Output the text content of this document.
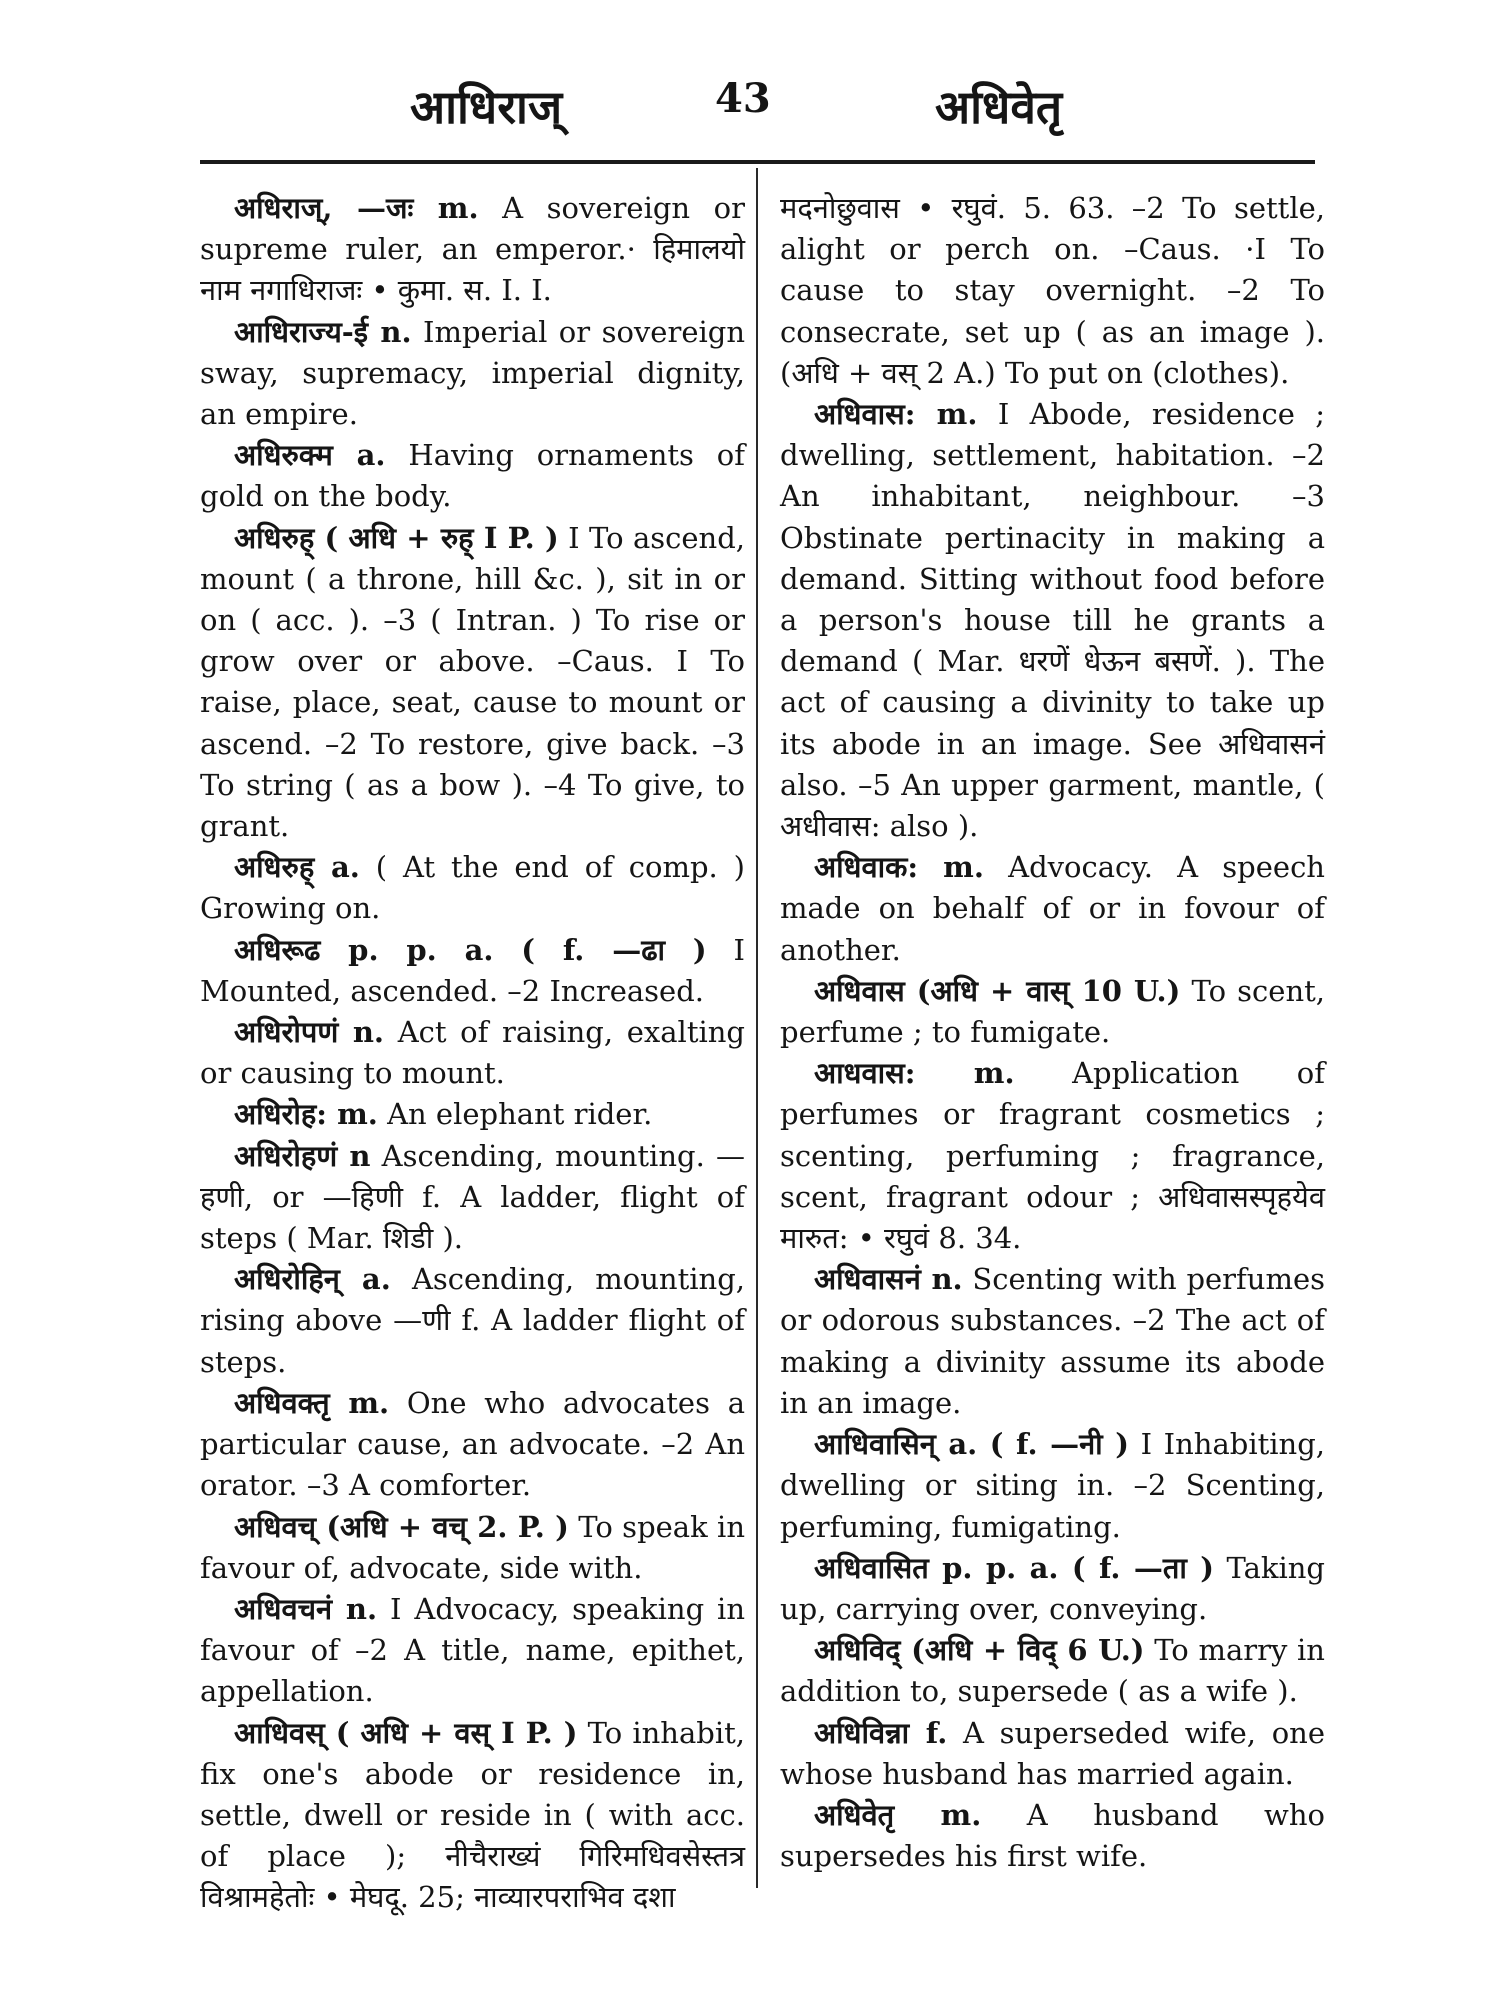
आधिराज्	43	अधिवेतृ

अधिराज्, —जः m. A sovereign or supreme ruler, an emperor.· हिमालयो नाम नगाधिराजः • कुमा. स. I. I.

आधिराज्य-ई n. Imperial or sovereign sway, supremacy, imperial dignity, an empire.

अधिरुक्म a. Having ornaments of gold on the body.

अधिरुह् ( अधि + रुह् I P. ) I To ascend, mount ( a throne, hill &c. ), sit in or on ( acc. ). –3 ( Intran. ) To rise or grow over or above. –Caus. I To raise, place, seat, cause to mount or ascend. –2 To restore, give back. –3 To string ( as a bow ). –4 To give, to grant.

अधिरुह् a. ( At the end of comp. ) Growing on.

अधिरूढ p. p. a. ( f. —ढा ) I Mounted, ascended. –2 Increased.

अधिरोपणं n. Act of raising, exalting or causing to mount.

अधिरोह: m. An elephant rider.

अधिरोहणं n Ascending, mounting. —हणी, or —हिणी f. A ladder, flight of steps ( Mar. शिडी ).

अधिरोहिन् a. Ascending, mounting, rising above —णी f. A ladder flight of steps.

अधिवक्तृ m. One who advocates a particular cause, an advocate. –2 An orator. –3 A comforter.

अधिवच् (अधि + वच् 2. P. ) To speak in favour of, advocate, side with.

अधिवचनं n. I Advocacy, speaking in favour of –2 A title, name, epithet, appellation.

आधिवस् ( अधि + वस् I P. ) To inhabit, fix one's abode or residence in, settle, dwell or reside in ( with acc. of place ); नीचैराख्यं गिरिमधिवसेस्तत्र विश्रामहेतोः • मेघदू. 25; नाव्यारपराभिव दशा

मदनोछुवास • रघुवं. 5. 63. –2 To settle, alight or perch on. –Caus. ·I To cause to stay overnight. –2 To consecrate, set up ( as an image ). (अधि + वस् 2 A.) To put on (clothes).

अधिवास: m. I Abode, residence ; dwelling, settlement, habitation. –2 An inhabitant, neighbour. –3 Obstinate pertinacity in making a demand. Sitting without food before a person's house till he grants a demand ( Mar. धरणें धेऊन बसणें. ). The act of causing a divinity to take up its abode in an image. See अधिवासनं also. –5 An upper garment, mantle, ( अधीवास: also ).

अधिवाक: m. Advocacy. A speech made on behalf of or in fovour of another.

अधिवास (अधि + वास् 10 U.) To scent, perfume ; to fumigate.

आधवास: m. Application of perfumes or fragrant cosmetics ; scenting, perfuming ; fragrance, scent, fragrant odour ; अधिवासस्पृहयेव मारुत: • रघुवं 8. 34.

अधिवासनं n. Scenting with perfumes or odorous substances. –2 The act of making a divinity assume its abode in an image.

आधिवासिन् a. ( f. —नी ) I Inhabiting, dwelling or siting in. –2 Scenting, perfuming, fumigating.

अधिवासित p. p. a. ( f. —ता ) Taking up, carrying over, conveying.

अधिविद् (अधि + विद् 6 U.) To marry in addition to, supersede ( as a wife ).

अधिविन्ना f. A superseded wife, one whose husband has married again.

अधिवेतृ m. A husband who supersedes his first wife.
